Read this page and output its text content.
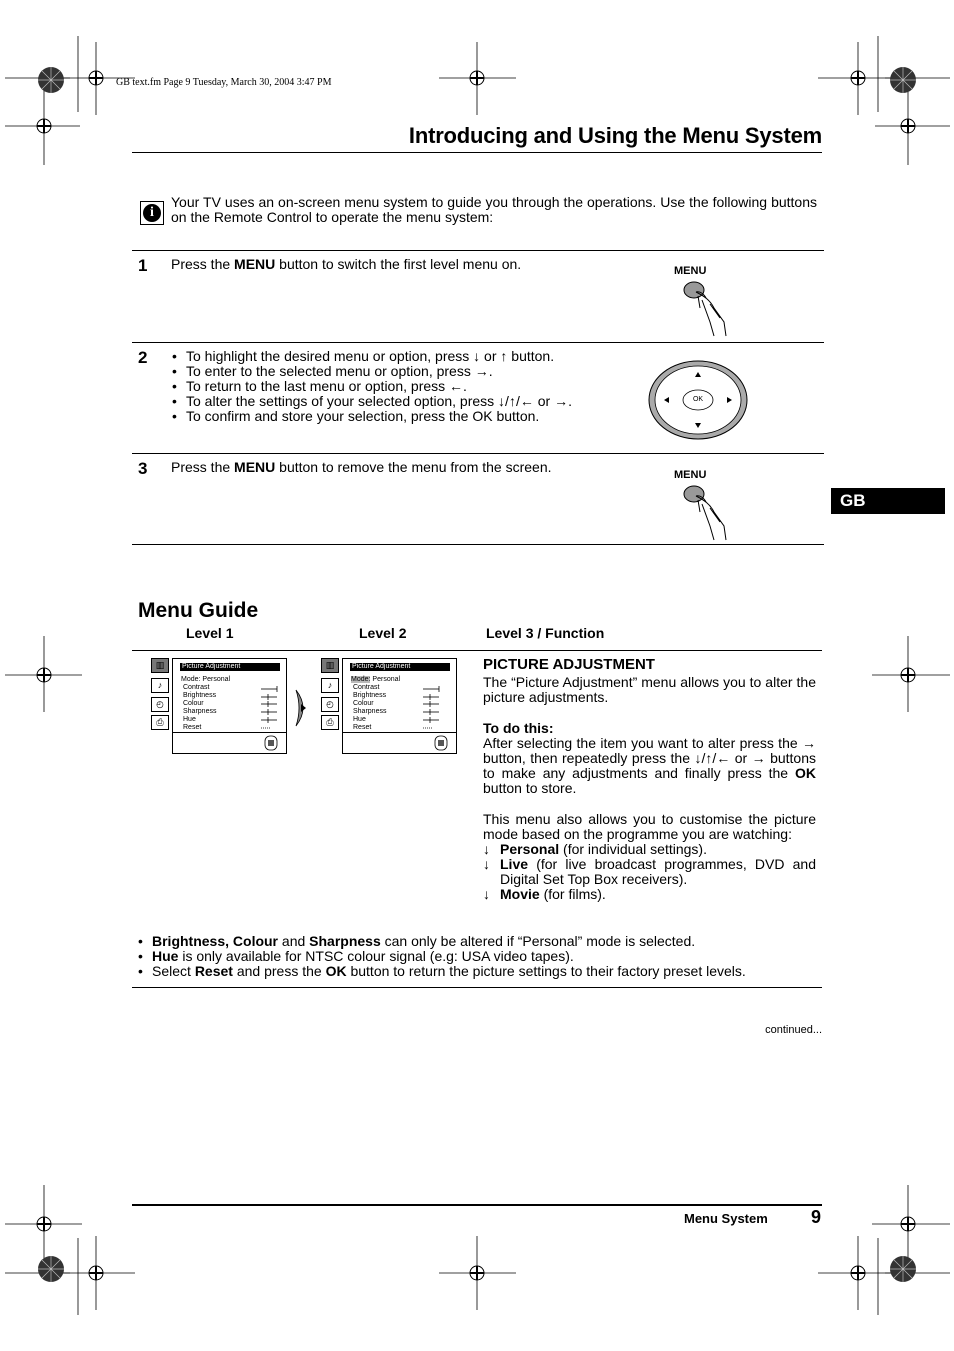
GB text.fm Page 9 Tuesday, March 30, 2004 3:47 PM
Introducing and Using the Menu System
i
Your TV uses an on-screen menu system to guide you through the operations. Use the following buttons on the Remote Control to operate the menu system:
1 Press the MENU button to switch the first level menu on.	MENU
2
•	To highlight the desired menu or option, press ↓ or ↑ button.
• To enter to the selected menu or option, press →.
• To return to the last menu or option, press ←.
• To alter the settings of your selected option, press ↓/↑/← or →.
• To confirm and store your selection, press the OK button.
OK
3 Press the MENU button to remove the menu from the screen.	MENU
GB
Menu Guide
Level 1	Level 2	Level 3 / Function
▥
♪
◴
⎙
Picture Adjustment
Mode: Personal
Contrast
Brightness
Colour
Sharpness
Hue
Reset
▥
♪
◴
⎙
Picture Adjustment
Mode: Personal
Contrast
Brightness
Colour
Sharpness
Hue
Reset
PICTURE ADJUSTMENT
The “Picture Adjustment” menu allows you to alter the picture adjustments.
To do this:
After selecting the item you want to alter press the → button, then repeatedly press the ↓/↑/← or → buttons to make any adjustments and finally press the OK button to store.
This menu also allows you to customise the picture mode based on the programme you are watching:
↓ Personal (for individual settings).
↓ Live (for live broadcast programmes, DVD and Digital Set Top Box receivers).
↓ Movie (for films).
• Brightness, Colour and Sharpness can only be altered if “Personal” mode is selected.
• Hue is only available for NTSC colour signal (e.g: USA video tapes).
• Select Reset and press the OK button to return the picture settings to their factory preset levels.
continued...
Menu System 9
